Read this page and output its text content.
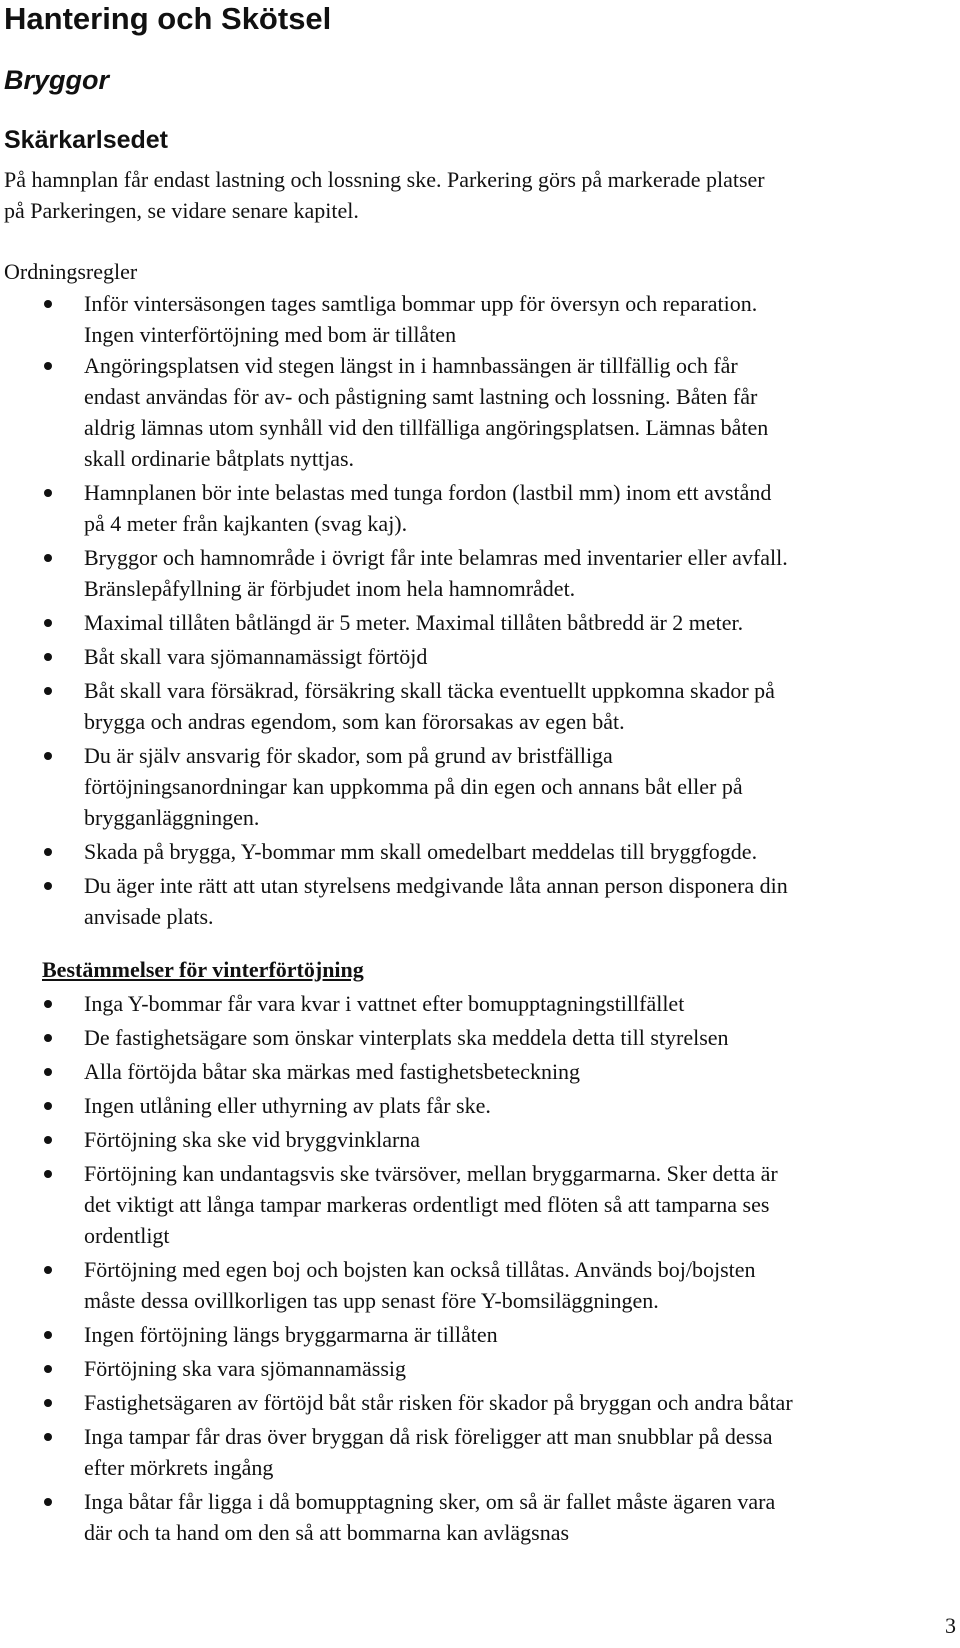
Hantering och Skötsel
Bryggor
Skärkarlsedet
På hamnplan får endast lastning och lossning ske. Parkering görs på markerade platser
på Parkeringen, se vidare senare kapitel.
Ordningsregler
Inför vintersäsongen tages samtliga bommar upp för översyn och reparation.
Ingen vinterförtöjning med bom är tillåten
Angöringsplatsen vid stegen längst in i hamnbassängen är tillfällig och får
endast användas för av- och påstigning samt lastning och lossning. Båten får
aldrig lämnas utom synhåll vid den tillfälliga angöringsplatsen. Lämnas båten
skall ordinarie båtplats nyttjas.
Hamnplanen bör inte belastas med tunga fordon (lastbil mm) inom ett avstånd
på 4 meter från kajkanten (svag kaj).
Bryggor och hamnområde i övrigt får inte belamras med inventarier eller avfall.
Bränslepåfyllning är förbjudet inom hela hamnområdet.
Maximal tillåten båtlängd är 5 meter. Maximal tillåten båtbredd är 2 meter.
Båt skall vara sjömannamässigt förtöjd
Båt skall vara försäkrad, försäkring skall täcka eventuellt uppkomna skador på
brygga och andras egendom, som kan förorsakas av egen båt.
Du är själv ansvarig för skador, som på grund av bristfälliga
förtöjningsanordningar kan uppkomma på din egen och annans båt eller på
brygganläggningen.
Skada på brygga, Y-bommar mm skall omedelbart meddelas till bryggfogde.
Du äger inte rätt att utan styrelsens medgivande låta annan person disponera din
anvisade plats.
Bestämmelser för vinterförtöjning
Inga Y-bommar får vara kvar i vattnet efter bomupptagningstillfället
De fastighetsägare som önskar vinterplats ska meddela detta till styrelsen
Alla förtöjda båtar ska märkas med fastighetsbeteckning
Ingen utlåning eller uthyrning av plats får ske.
Förtöjning ska ske vid bryggvinklarna
Förtöjning kan undantagsvis ske tvärsöver, mellan bryggarmarna. Sker detta är
det viktigt att långa tampar markeras ordentligt med flöten så att tamparna ses
ordentligt
Förtöjning med egen boj och bojsten kan också tillåtas. Används boj/bojsten
måste dessa ovillkorligen tas upp senast före Y-bomsiläggningen.
Ingen förtöjning längs bryggarmarna är tillåten
Förtöjning ska vara sjömannamässig
Fastighetsägaren av förtöjd båt står risken för skador på bryggan och andra båtar
Inga tampar får dras över bryggan då risk föreligger att man snubblar på dessa
efter mörkrets ingång
Inga båtar får ligga i då bomupptagning sker, om så är fallet måste ägaren vara
där och ta hand om den så att bommarna kan avlägsnas
3
